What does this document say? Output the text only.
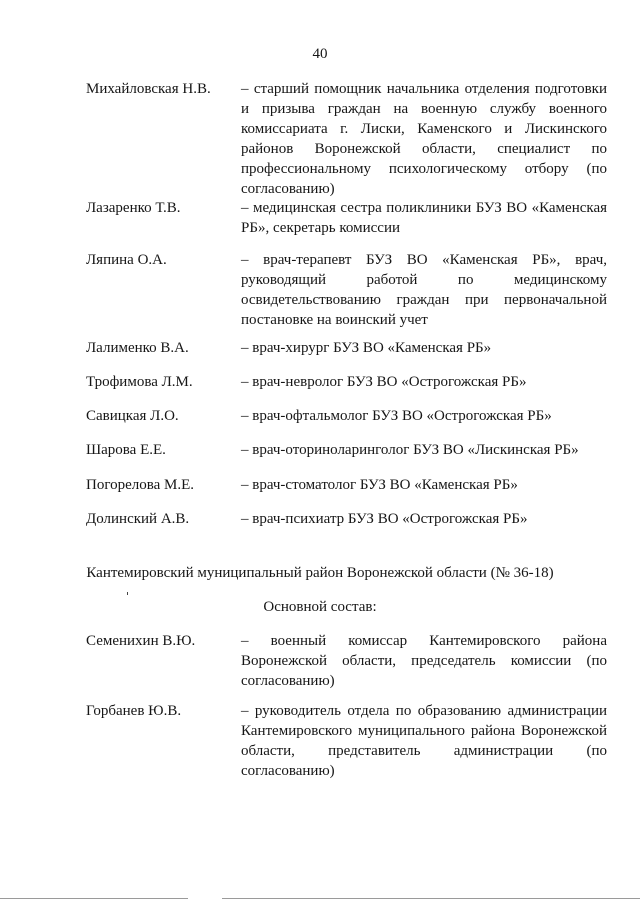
40
Михайловская Н.В. – старший помощник начальника отделения подготовки и призыва граждан на военную службу военного комиссариата г. Лиски, Каменского и Лискинского районов Воронежской области, специалист по профессиональному психологическому отбору (по согласованию)
Лазаренко Т.В.	– медицинская сестра поликлиники БУЗ ВО «Каменская РБ», секретарь комиссии
Ляпина О.А.	– врач-терапевт БУЗ ВО «Каменская РБ», врач, руководящий работой по медицинскому освидетельствованию граждан при первоначальной постановке на воинский учет
Лалименко В.А.	– врач-хирург БУЗ ВО «Каменская РБ»
Трофимова Л.М.	– врач-невролог БУЗ ВО «Острогожская РБ»
Савицкая Л.О.	– врач-офтальмолог БУЗ ВО «Острогожская РБ»
Шарова Е.Е.	– врач-оториноларинголог БУЗ ВО «Лискинская РБ»
Погорелова М.Е.	– врач-стоматолог БУЗ ВО «Каменская РБ»
Долинский А.В.	– врач-психиатр БУЗ ВО «Острогожская РБ»
Кантемировский муниципальный район Воронежской области (№ 36-18)
Основной состав:
Семенихин В.Ю.	– военный комиссар Кантемировского района Воронежской области, председатель комиссии (по согласованию)
Горбанев Ю.В.	– руководитель отдела по образованию администрации Кантемировского муниципального района Воронежской области, представитель администрации (по согласованию)
